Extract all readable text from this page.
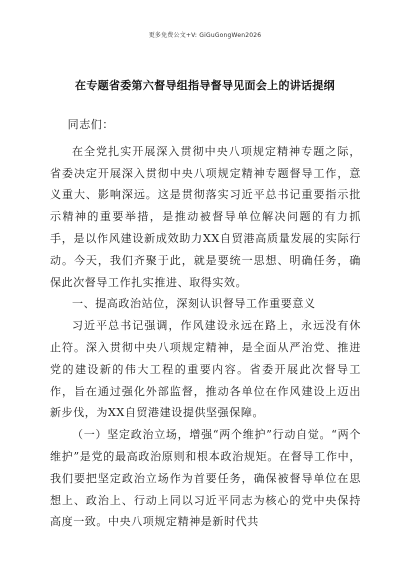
更多免费公文+V: GiGuGongWen2026
在专题省委第六督导组指导督导见面会上的讲话提纲

同志们：

在全党扎实开展深入贯彻中央八项规定精神专题之际，省委决定开展深入贯彻中央八项规定精神专题督导工作，意义重大、影响深远。这是贯彻落实习近平总书记重要指示批示精神的重要举措，是推动被督导单位解决问题的有力抓手，是以作风建设新成效助力XX自贸港高质量发展的实际行动。今天，我们齐聚于此，就是要统一思想、明确任务，确保此次督导工作扎实推进、取得实效。

一、提高政治站位，深刻认识督导工作重要意义

习近平总书记强调，作风建设永远在路上，永远没有休止符。深入贯彻中央八项规定精神，是全面从严治党、推进党的建设新的伟大工程的重要内容。省委开展此次督导工作，旨在通过强化外部监督，推动各单位在作风建设上迈出新步伐，为XX自贸港建设提供坚强保障。

（一）坚定政治立场，增强“两个维护”行动自觉。“两个维护”是党的最高政治原则和根本政治规矩。在督导工作中，我们要把坚定政治立场作为首要任务，确保被督导单位在思想上、政治上、行动上同以习近平同志为核心的党中央保持高度一致。中央八项规定精神是新时代共
